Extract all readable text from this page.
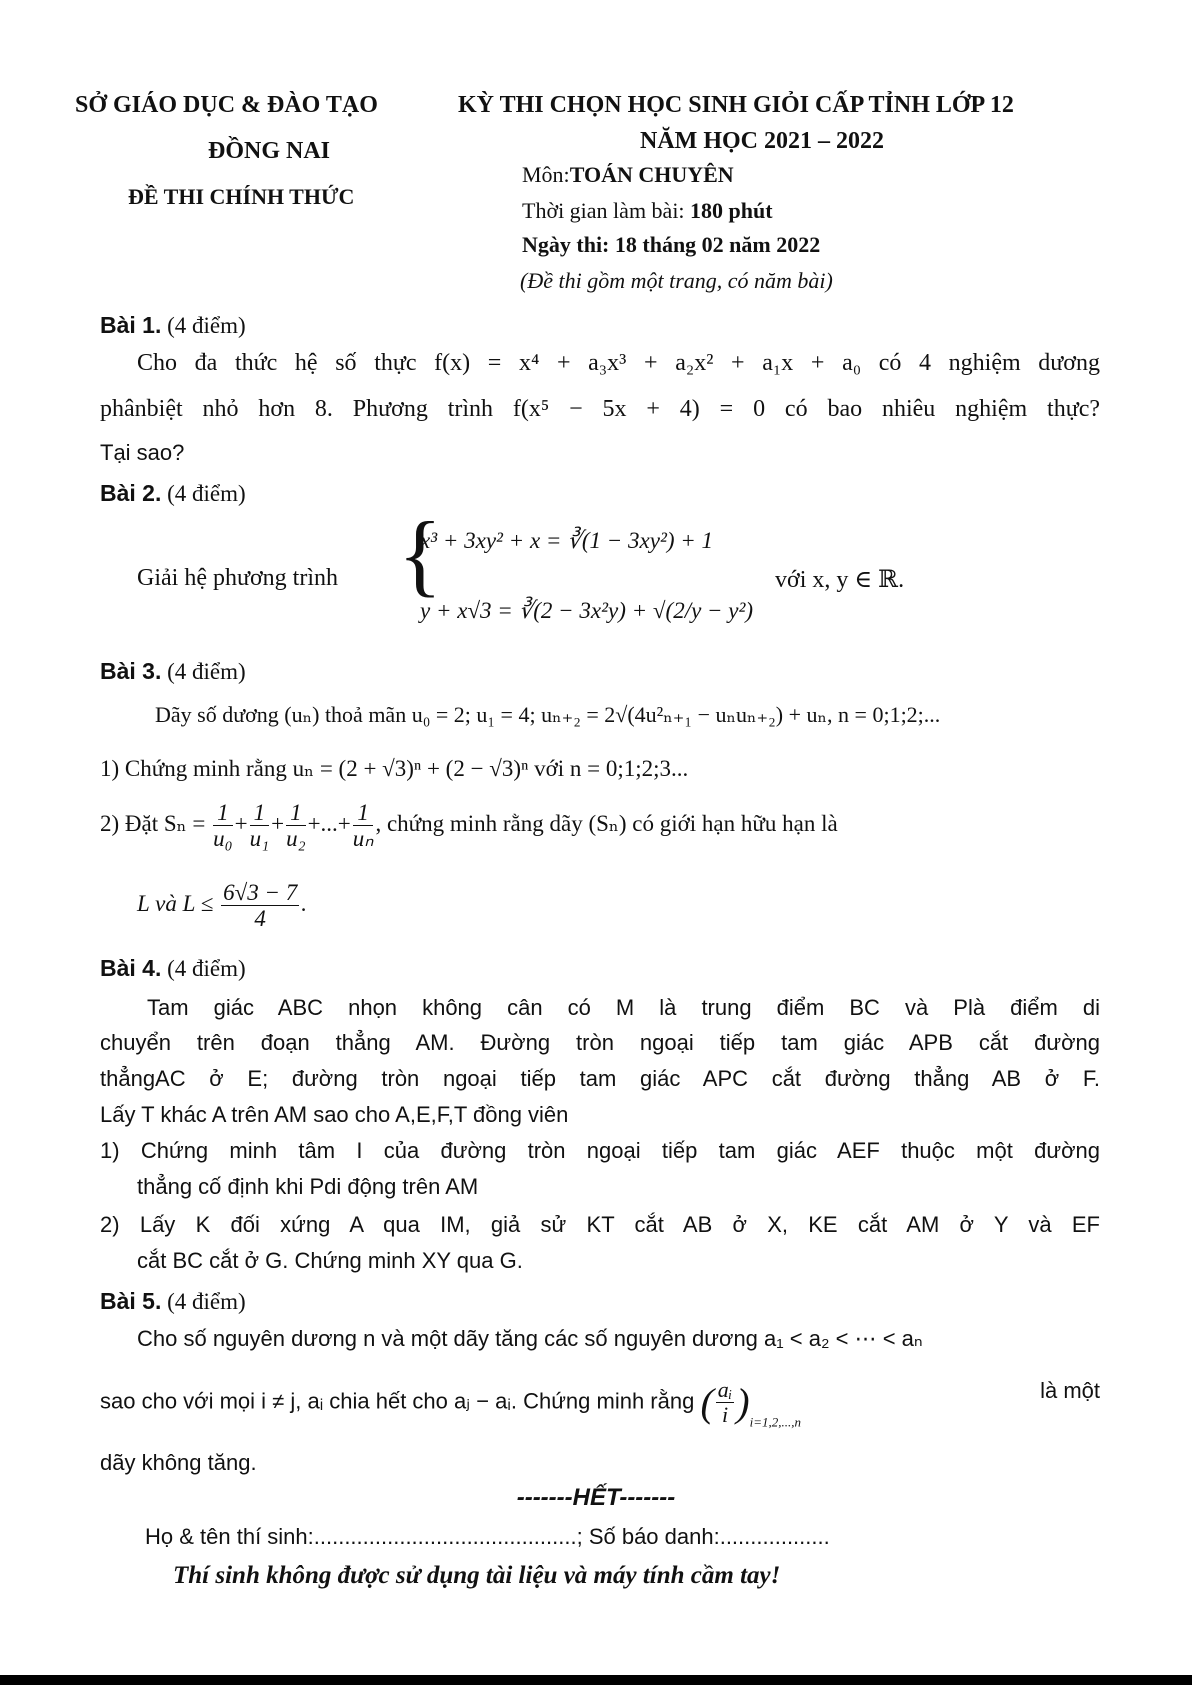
SỞ GIÁO DỤC & ĐÀO TẠO
ĐỒNG NAI
ĐỀ THI CHÍNH THỨC
KỲ THI CHỌN HỌC SINH GIỎI CẤP TỈNH LỚP 12
NĂM HỌC 2021 – 2022
Môn:TOÁN CHUYÊN
Thời gian làm bài: 180 phút
Ngày thi: 18 tháng 02 năm 2022
(Đề thi gồm một trang, có năm bài)
Bài 1. (4 điểm)
Cho đa thức hệ số thực f(x) = x⁴ + a₃x³ + a₂x² + a₁x + a₀ có 4 nghiệm dương
phânbiệt nhỏ hơn 8. Phương trình f(x⁵ − 5x + 4) = 0 có bao nhiêu nghiệm thực?
Tại sao?
Bài 2. (4 điểm)
Giải hệ phương trình {
x³ + 3xy² + x = ∛(1 − 3xy²) + 1
y + x√3 = ∛(2 − 3x²y) + √(2/y − y²)
với x, y ∈ ℝ.
Bài 3. (4 điểm)
Dãy số dương (uₙ) thoả mãn u₀ = 2; u₁ = 4; uₙ₊₂ = 2√(4u²ₙ₊₁ − uₙuₙ₊₂) + uₙ, n = 0;1;2;...
1) Chứng minh rằng uₙ = (2 + √3)ⁿ + (2 − √3)ⁿ với n = 0;1;2;3...
2) Đặt $S_n = \frac{1}{\text{u₀}} + \frac{1}{\text{u₁}} + \frac{1}{\text{u₂}}$ +...+ $\frac{1}{\text{uₙ}}$ , chứng minh rằng dãy (Sₙ) có giới hạn hữu hạn là
L và $L \le \frac{6√3 - 7}{4}$ .
Bài 4. (4 điểm)
Tam giác ABC nhọn không cân có M là trung điểm BC và Plà điểm di
chuyển trên đoạn thẳng AM. Đường tròn ngoại tiếp tam giác APB cắt đường
thẳngAC ở E; đường tròn ngoại tiếp tam giác APC cắt đường thẳng AB ở F.
Lấy T khác A trên AM sao cho A,E,F,T đồng viên
1) Chứng minh tâm I của đường tròn ngoại tiếp tam giác AEF thuộc một đường
thẳng cố định khi Pdi động trên AM
2) Lấy K đối xứng A qua IM, giả sử KT cắt AB ở X, KE cắt AM ở Y và EF
cắt BC cắt ở G. Chứng minh XY qua G.
Bài 5. (4 điểm)
Cho số nguyên dương n và một dãy tăng các số nguyên dương a₁ < a₂ < ⋯ < aₙ
sao cho với mọi i ≠ j, aᵢ chia hết cho aⱼ − aᵢ. Chứng minh rằng ( $\frac{\text{aᵢ}}{i} )_{i=1,2,...,n}$
là một
dãy không tăng.
-------HẾT-------
Họ & tên thí sinh:...........................................; Số báo danh:..................
Thí sinh không được sử dụng tài liệu và máy tính cầm tay!
